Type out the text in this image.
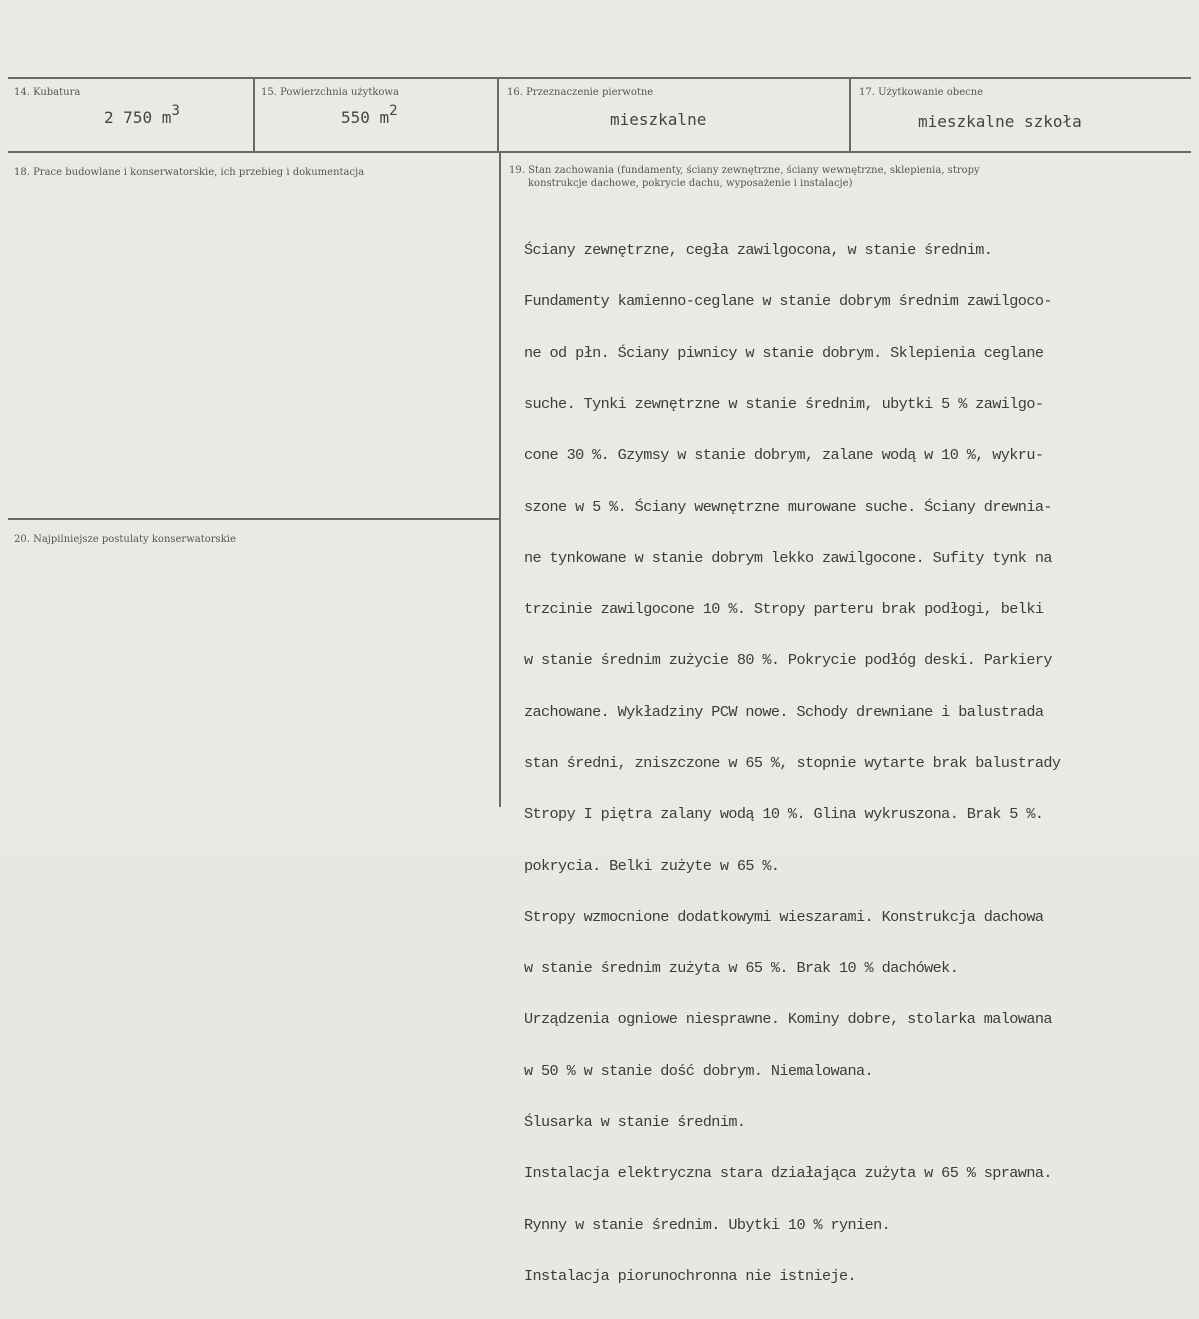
14. Kubatura
2 750 m3
15. Powierzchnia użytkowa
550 m2
16. Przeznaczenie pierwotne
mieszkalne
17. Użytkowanie obecne
mieszkalne szkoła
18. Prace budowlane i konserwatorskie, ich przebieg i dokumentacja	19. Stan zachowania (fundamenty, ściany zewnętrzne, ściany wewnętrzne, sklepienia, stropy
konstrukcje dachowe, pokrycie dachu, wyposażenie i instalacje)

Ściany zewnętrzne, cegła zawilgocona, w stanie średnim.

Fundamenty kamienno-ceglane w stanie dobrym średnim zawilgoco-

ne od płn. Ściany piwnicy w stanie dobrym. Sklepienia ceglane

suche. Tynki zewnętrzne w stanie średnim, ubytki 5 % zawilgo-

cone 30 %. Gzymsy w stanie dobrym, zalane wodą w 10 %, wykru-

szone w 5 %. Ściany wewnętrzne murowane suche. Ściany drewnia-

ne tynkowane w stanie dobrym lekko zawilgocone. Sufity tynk na

trzcinie zawilgocone 10 %. Stropy parteru brak podłogi, belki

w stanie średnim zużycie 80 %. Pokrycie podłóg deski. Parkiery

zachowane. Wykładziny PCW nowe. Schody drewniane i balustrada

stan średni, zniszczone w 65 %, stopnie wytarte brak balustrady

Stropy I piętra zalany wodą 10 %. Glina wykruszona. Brak 5 %.

pokrycia. Belki zużyte w 65 %.

Stropy wzmocnione dodatkowymi wieszarami. Konstrukcja dachowa

w stanie średnim zużyta w 65 %. Brak 10 % dachówek.

Urządzenia ogniowe niesprawne. Kominy dobre, stolarka malowana

w 50 % w stanie dość dobrym. Niemalowana.

Ślusarka w stanie średnim.

Instalacja elektryczna stara działająca zużyta w 65 % sprawna.

Rynny w stanie średnim. Ubytki 10 % rynien.

Instalacja piorunochronna nie istnieje.

20. Najpilniejsze postulaty konserwatorskie
